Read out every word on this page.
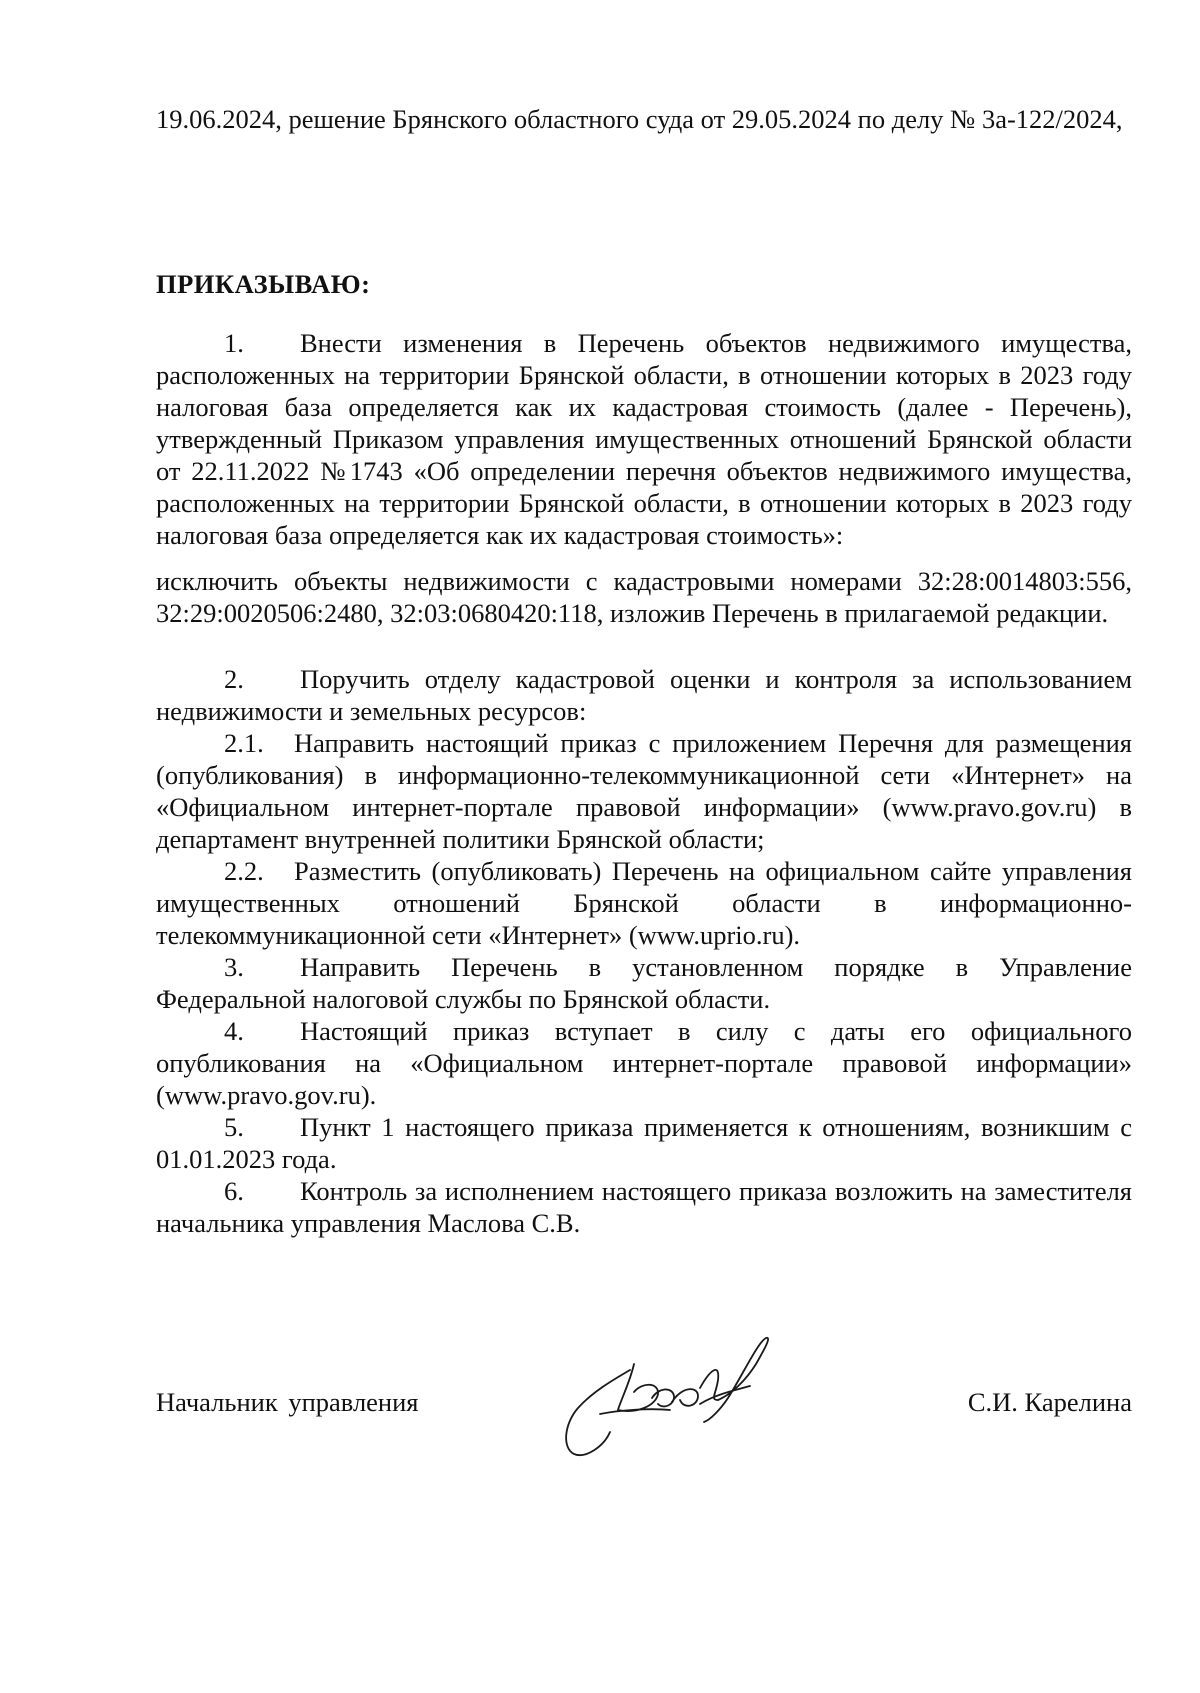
19.06.2024, решение Брянского областного суда от 29.05.2024 по делу № 3а-122/2024,

ПРИКАЗЫВАЮ:

1. Внести изменения в Перечень объектов недвижимого имущества, расположенных на территории Брянской области, в отношении которых в 2023 году налоговая база определяется как их кадастровая стоимость (далее - Перечень), утвержденный Приказом управления имущественных отношений Брянской области от 22.11.2022 №1743 «Об определении перечня объектов недвижимого имущества, расположенных на территории Брянской области, в отношении которых в 2023 году налоговая база определяется как их кадастровая стоимость»:

исключить объекты недвижимости с кадастровыми номерами 32:28:0014803:556, 32:29:0020506:2480, 32:03:0680420:118, изложив Перечень в прилагаемой редакции.

2. Поручить отделу кадастровой оценки и контроля за использованием недвижимости и земельных ресурсов:

2.1. Направить настоящий приказ с приложением Перечня для размещения (опубликования) в информационно-телекоммуникационной сети «Интернет» на «Официальном интернет-портале правовой информации» (www.pravo.gov.ru) в департамент внутренней политики Брянской области;

2.2. Разместить (опубликовать) Перечень на официальном сайте управления имущественных отношений Брянской области в информационно-телекоммуникационной сети «Интернет» (www.uprio.ru).

3. Направить Перечень в установленном порядке в Управление Федеральной налоговой службы по Брянской области.

4. Настоящий приказ вступает в силу с даты его официального опубликования на «Официальном интернет-портале правовой информации» (www.pravo.gov.ru).

5. Пункт 1 настоящего приказа применяется к отношениям, возникшим с 01.01.2023 года.

6. Контроль за исполнением настоящего приказа возложить на заместителя начальника управления Маслова С.В.

Начальник управления	С.И. Карелина
